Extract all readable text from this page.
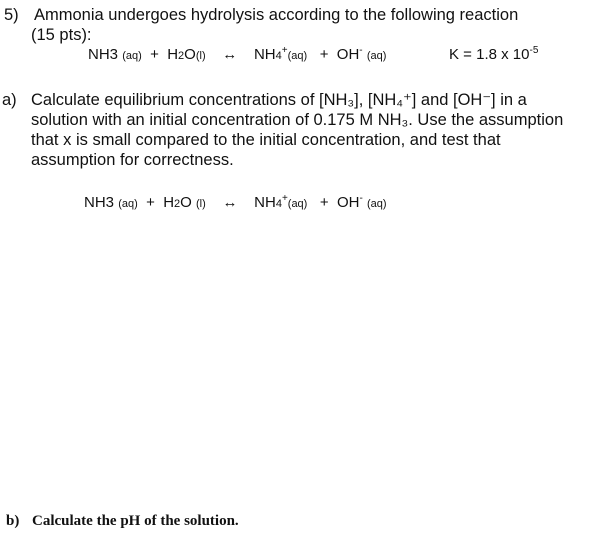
5) Ammonia undergoes hydrolysis according to the following reaction
(15 pts):
NH3 (aq) + H2O(l) ↔ NH4+(aq) + OH- (aq)	K = 1.8 x $10^{-5}$
a) Calculate equilibrium concentrations of [NH₃], [NH₄⁺] and [OH⁻] in a
solution with an initial concentration of 0.175 M NH₃. Use the assumption
that x is small compared to the initial concentration, and test that
assumption for correctness.
NH3 (aq) + H2O (l) ↔ NH4+(aq) + OH- (aq)
b) Calculate the pH of the solution.
